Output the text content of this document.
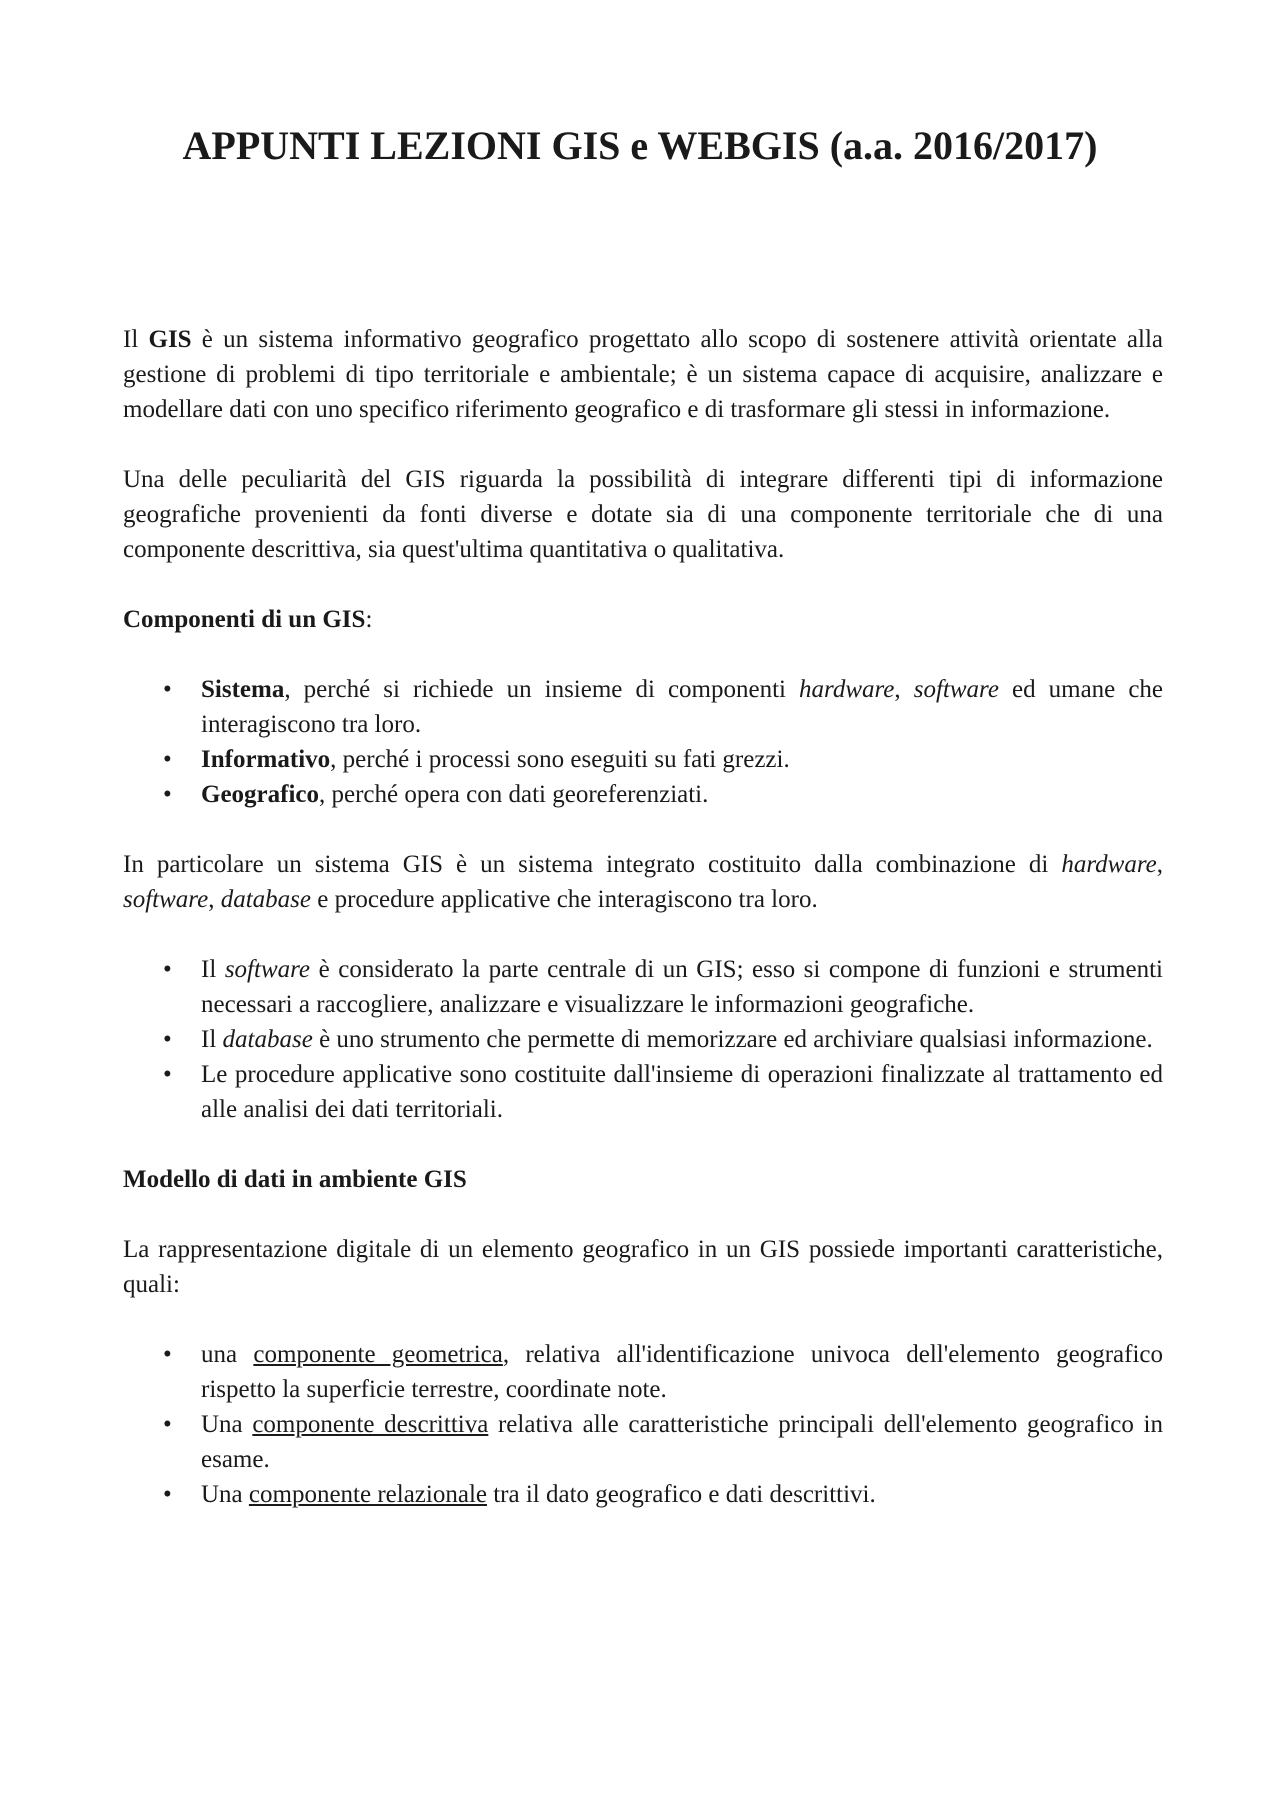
APPUNTI LEZIONI GIS e WEBGIS (a.a. 2016/2017)

Il GIS è un sistema informativo geografico progettato allo scopo di sostenere attività orientate alla gestione di problemi di tipo territoriale e ambientale; è un sistema capace di acquisire, analizzare e modellare dati con uno specifico riferimento geografico e di trasformare gli stessi in informazione.

Una delle peculiarità del GIS riguarda la possibilità di integrare differenti tipi di informazione geografiche provenienti da fonti diverse e dotate sia di una componente territoriale che di una componente descrittiva, sia quest'ultima quantitativa o qualitativa.

Componenti di un GIS:

• Sistema, perché si richiede un insieme di componenti hardware, software ed umane che interagiscono tra loro.
• Informativo, perché i processi sono eseguiti su fati grezzi.
• Geografico, perché opera con dati georeferenziati.

In particolare un sistema GIS è un sistema integrato costituito dalla combinazione di hardware, software, database e procedure applicative che interagiscono tra loro.

• Il software è considerato la parte centrale di un GIS; esso si compone di funzioni e strumenti necessari a raccogliere, analizzare e visualizzare le informazioni geografiche.
• Il database è uno strumento che permette di memorizzare ed archiviare qualsiasi informazione.
• Le procedure applicative sono costituite dall'insieme di operazioni finalizzate al trattamento ed alle analisi dei dati territoriali.

Modello di dati in ambiente GIS

La rappresentazione digitale di un elemento geografico in un GIS possiede importanti caratteristiche, quali:

• una componente geometrica, relativa all'identificazione univoca dell'elemento geografico rispetto la superficie terrestre, coordinate note.
• Una componente descrittiva relativa alle caratteristiche principali dell'elemento geografico in esame.
• Una componente relazionale tra il dato geografico e dati descrittivi.
